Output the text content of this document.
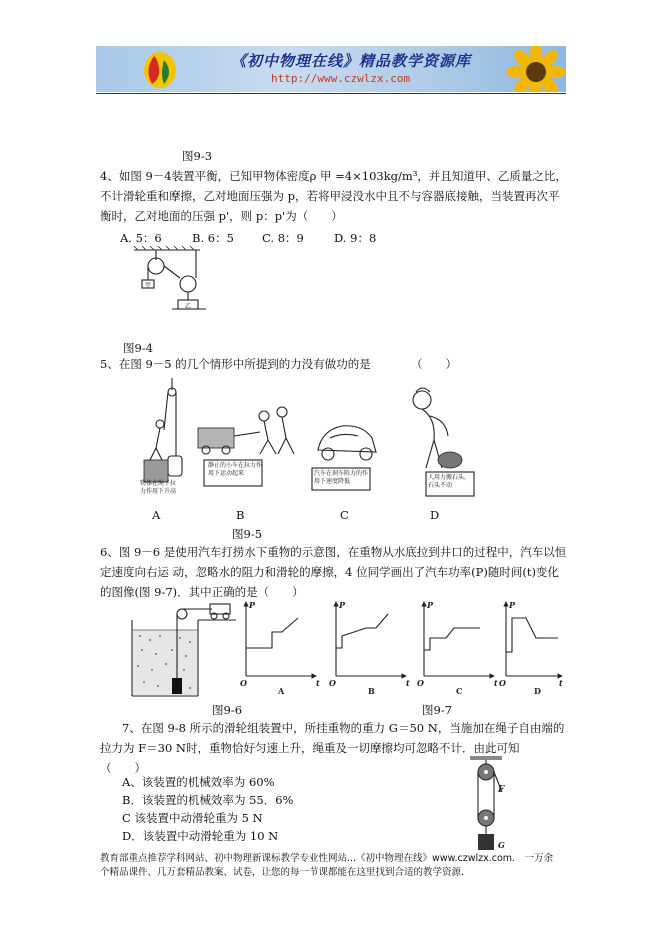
《初中物理在线》精品教学资源库
http://www.czwlzx.com
图9-3
4、如图 9－4装置平衡，已知甲物体密度ρ 甲 =4×103kg/m³，并且知道甲、乙质量之比，
不计滑轮重和摩擦，乙对地面压强为 p，若将甲浸没水中且不与容器底接触，当装置再次平
衡时，乙对地面的压强 p'，则 p：p'为（　　）
A. 5：6	B. 6：5 C. 8：9	D. 9：8
甲
乙
图9-4
5、在图 9－5 的几个情形中所提到的力没有做功的是　　　　（　　）
物体在绳子拉力作用下升高
静止的小车在拉力作用下运动起来	汽车在刹车阻力的作用下速度降低
人用力搬石头，石头不动
A	B	C	D
图9-5
6、图 9－6 是使用汽车打捞水下重物的示意图，在重物从水底拉到井口的过程中，汽车以恒
定速度向右运 动，忽略水的阻力和滑轮的摩擦，4 位同学画出了汽车功率(P)随时间(t)变化
的图像(图 9-7)．其中正确的是（　　）
P
t
O
P
t
O
P
t
O
P
t
O
A	B	C	D
图9-6	图9-7
7、在图 9-8 所示的滑轮组装置中，所挂重物的重力 G＝50 N，当施加在绳子自由端的
拉力为 F＝30 N时，重物恰好匀速上升，绳重及一切摩擦均可忽略不计．由此可知
（　　）
A、该装置的机械效率为 60%
B．该装置的机械效率为 55．6%
C 该装置中动滑轮重为 5 N
D．该装置中动滑轮重为 10 N
F
G
教育部重点推荐学科网站、初中物理新课标教学专业性网站...《初中物理在线》www.czwlzx.com． 一万余
个精品课件、几万套精品教案、试卷，让您的每一节课都能在这里找到合适的教学资源．
